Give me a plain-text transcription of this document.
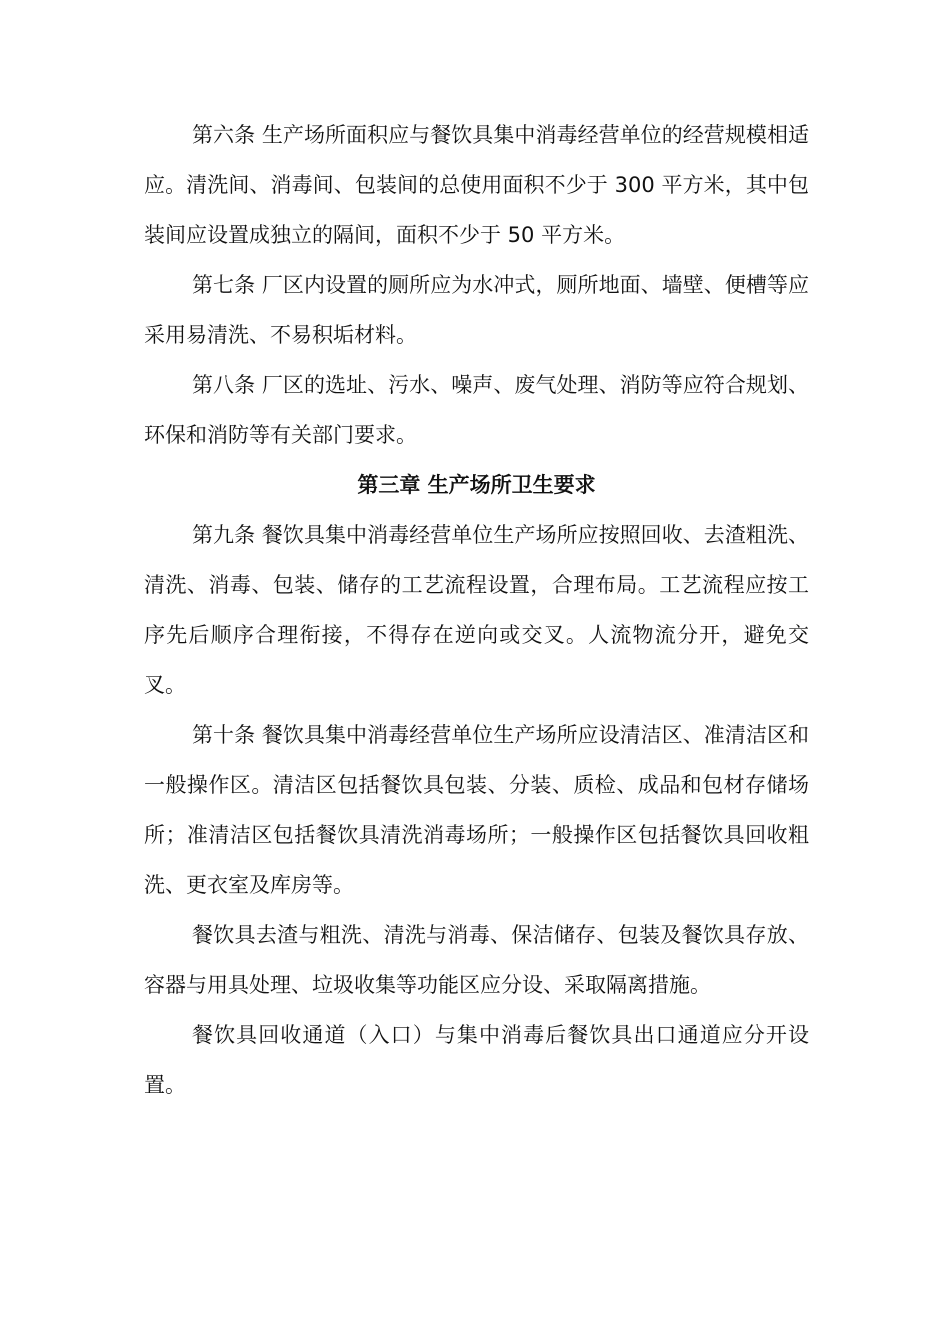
第六条 生产场所面积应与餐饮具集中消毒经营单位的经营规模相适应。清洗间、消毒间、包装间的总使用面积不少于 300 平方米，其中包装间应设置成独立的隔间，面积不少于 50 平方米。

第七条 厂区内设置的厕所应为水冲式，厕所地面、墙壁、便槽等应采用易清洗、不易积垢材料。

第八条 厂区的选址、污水、噪声、废气处理、消防等应符合规划、环保和消防等有关部门要求。

第三章 生产场所卫生要求

第九条 餐饮具集中消毒经营单位生产场所应按照回收、去渣粗洗、清洗、消毒、包装、储存的工艺流程设置，合理布局。工艺流程应按工序先后顺序合理衔接，不得存在逆向或交叉。人流物流分开，避免交叉。

第十条 餐饮具集中消毒经营单位生产场所应设清洁区、准清洁区和一般操作区。清洁区包括餐饮具包装、分装、质检、成品和包材存储场所；准清洁区包括餐饮具清洗消毒场所；一般操作区包括餐饮具回收粗洗、更衣室及库房等。

餐饮具去渣与粗洗、清洗与消毒、保洁储存、包装及餐饮具存放、容器与用具处理、垃圾收集等功能区应分设、采取隔离措施。

餐饮具回收通道（入口）与集中消毒后餐饮具出口通道应分开设置。
